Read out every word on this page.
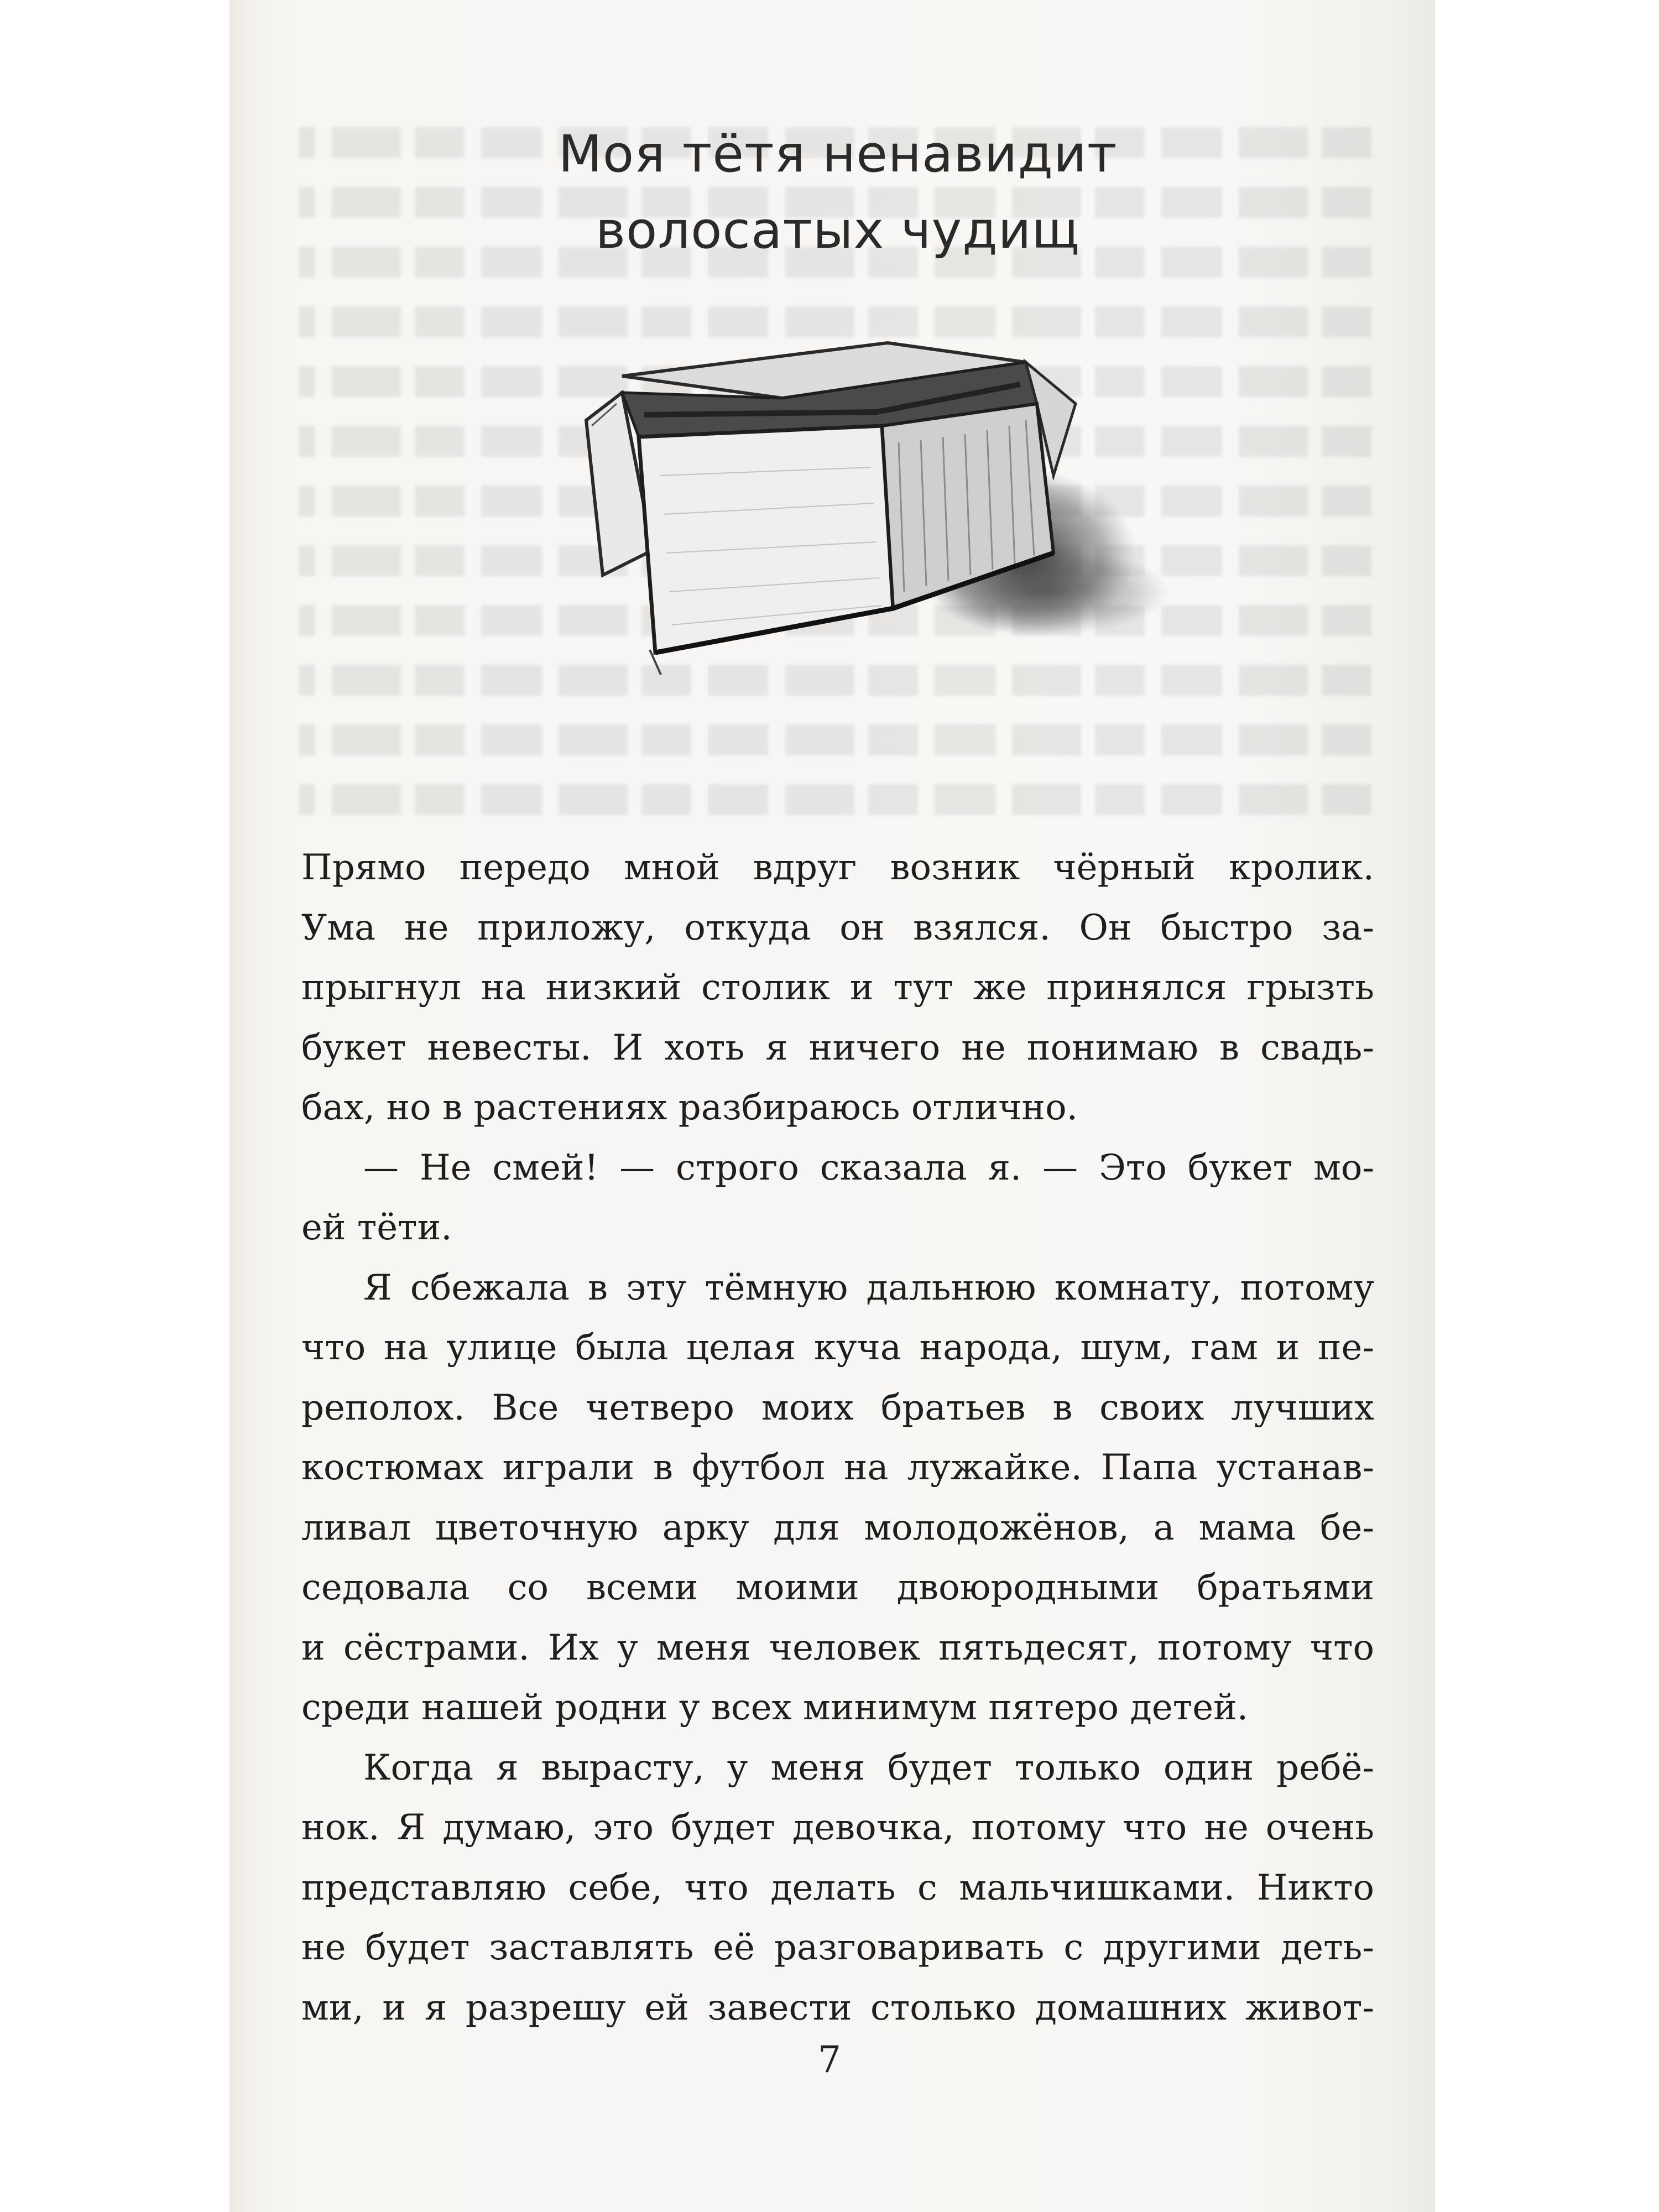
Моя тётя ненавидит
волосатых чудищ
Прямо передо мной вдруг возник чёрный кролик.
Ума не приложу, откуда он взялся. Он быстро за-
прыгнул на низкий столик и тут же принялся грызть
букет невесты. И хоть я ничего не понимаю в свадь-
бах, но в растениях разбираюсь отлично.
— Не смей! — строго сказала я. — Это букет мо-
ей тёти.
Я сбежала в эту тёмную дальнюю комнату, потому
что на улице была целая куча народа, шум, гам и пе-
реполох. Все четверо моих братьев в своих лучших
костюмах играли в футбол на лужайке. Папа устанав-
ливал цветочную арку для молодожёнов, а мама бе-
седовала со всеми моими двоюродными братьями
и сёстрами. Их у меня человек пятьдесят, потому что
среди нашей родни у всех минимум пятеро детей.
Когда я вырасту, у меня будет только один ребё-
нок. Я думаю, это будет девочка, потому что не очень
представляю себе, что делать с мальчишками. Никто
не будет заставлять её разговаривать с другими деть-
ми, и я разрешу ей завести столько домашних живот-
7
